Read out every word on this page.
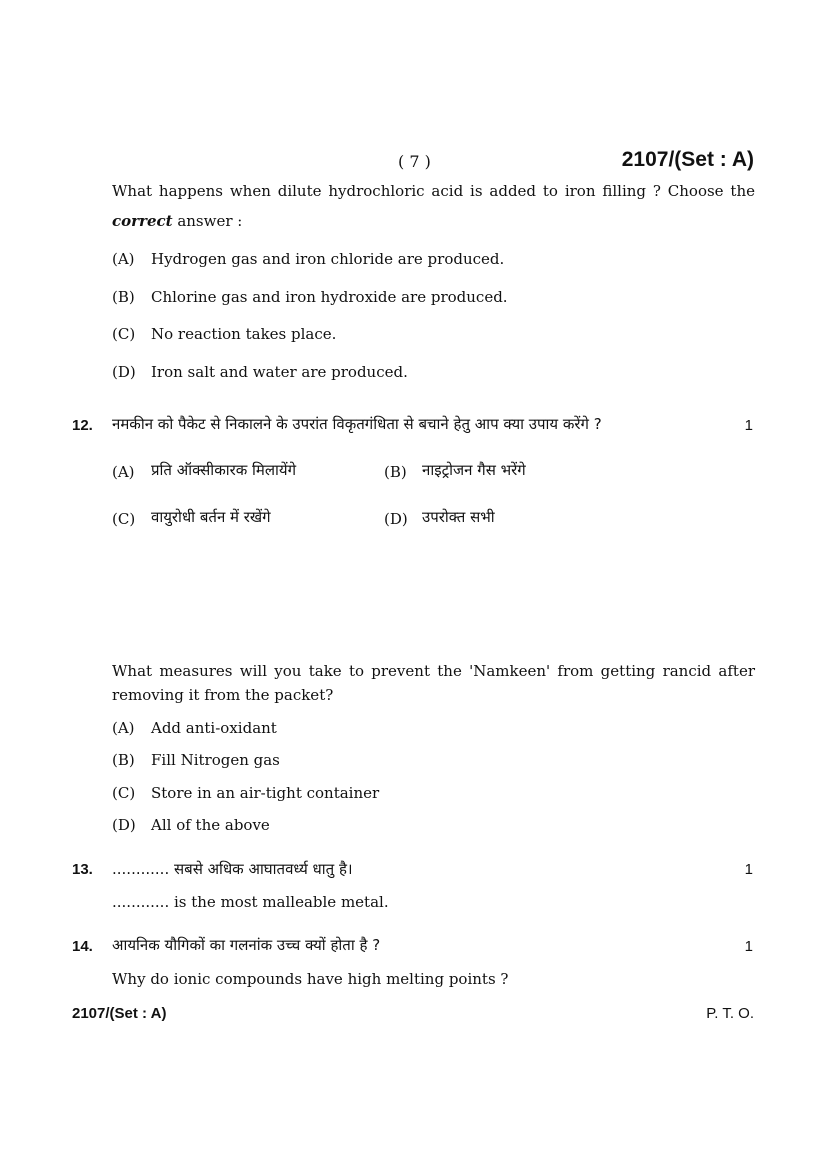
( 7 )	2107/(Set : A)
What happens when dilute hydrochloric acid is added to iron filling ? Choose the
correct answer :
(A) Hydrogen gas and iron chloride are produced.
(B) Chlorine gas and iron hydroxide are produced.
(C) No reaction takes place.
(D) Iron salt and water are produced.
12. नमकीन को पैकेट से निकालने के उपरांत विकृतगंधिता से बचाने हेतु आप क्या उपाय करेंगे ?	1
(A) प्रति ऑक्सीकारक मिलायेंगे	(B) नाइट्रोजन गैस भरेंगे
(C) वायुरोधी बर्तन में रखेंगे	(D) उपरोक्त सभी
What measures will you take to prevent the 'Namkeen' from getting rancid after
removing it from the packet?
(A) Add anti-oxidant
(B) Fill Nitrogen gas
(C) Store in an air-tight container
(D) All of the above
13. ............ सबसे अधिक आघातवर्ध्य धातु है।	1
............ is the most malleable metal.
14. आयनिक यौगिकों का गलनांक उच्च क्यों होता है ?	1
Why do ionic compounds have high melting points ?
2107/(Set : A)	P. T. O.
